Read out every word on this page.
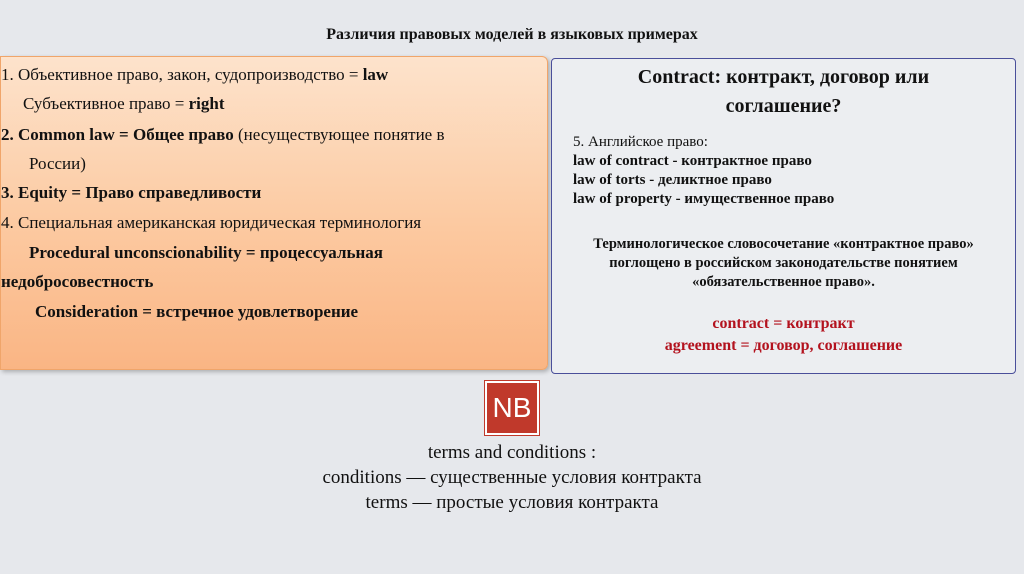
Различия правовых моделей в языковых примерах
1. Объективное право, закон, судопроизводство = law
Субъективное право = right
2. Common law = Общее право (несуществующее понятие в
России)
3. Equity = Право справедливости
4. Специальная американская юридическая терминология
Procedural unconscionability = процессуальная
недобросовестность
Consideration = встречное удовлетворение
Contract: контракт, договор или
соглашение?
5. Английское право:
law of contract - контрактное право
law of torts - деликтное право
law of property - имущественное право
Терминологическое словосочетание «контрактное право»
поглощено в российском законодательстве понятием
«обязательственное право».
contract = контракт
agreement = договор, соглашение
NB
terms and conditions :
conditions — существенные условия контракта
terms — простые условия контракта
